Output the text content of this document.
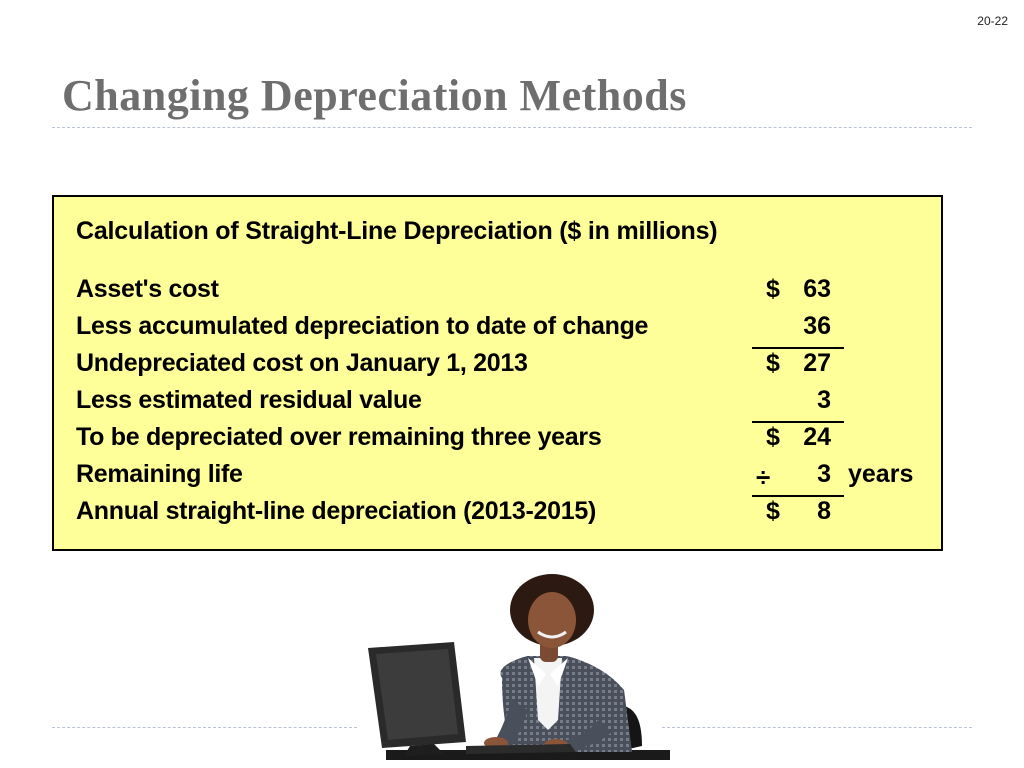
20-22
Changing Depreciation Methods
Calculation of Straight-Line Depreciation ($ in millions)
Asset's cost	$ 63
Less accumulated depreciation to date of change	36
Undepreciated cost on January 1, 2013	$ 27
Less estimated residual value	3
To be depreciated over remaining three years	$ 24
Remaining life	÷	3 years
Annual straight-line depreciation (2013-2015)	$	8
